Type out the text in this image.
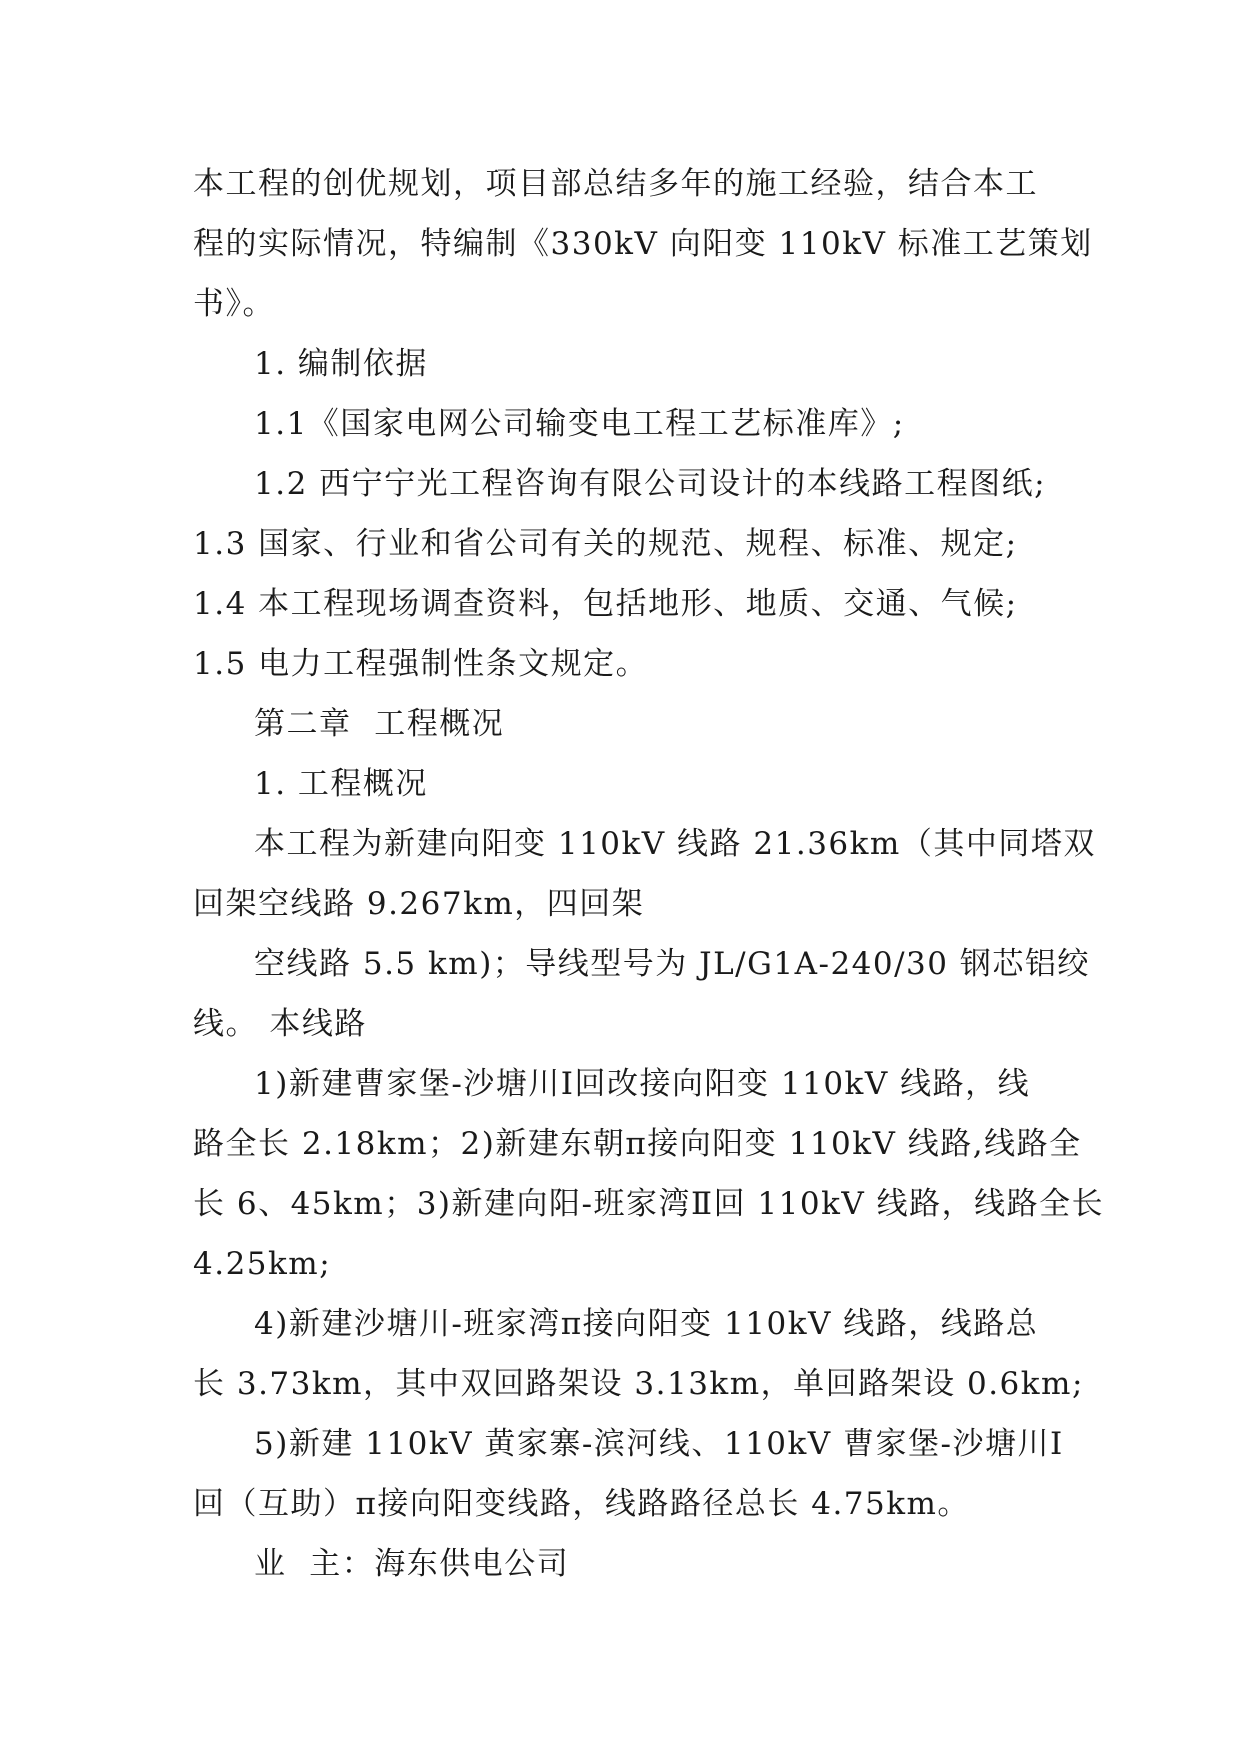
本工程的创优规划，项目部总结多年的施工经验，结合本工
程的实际情况，特编制《330kV 向阳变 110kV 标准工艺策划
书》。
1. 编制依据
1.1《国家电网公司输变电工程工艺标准库》;
1.2 西宁宁光工程咨询有限公司设计的本线路工程图纸;
1.3 国家、行业和省公司有关的规范、规程、标准、规定;
1.4 本工程现场调查资料，包括地形、地质、交通、气候;
1.5 电力工程强制性条文规定。
第二章  工程概况
1. 工程概况
本工程为新建向阳变 110kV 线路 21.36km（其中同塔双
回架空线路 9.267km，四回架
空线路 5.5 km)；导线型号为 JL/G1A-240/30 钢芯铝绞
线。 本线路
1)新建曹家堡-沙塘川Ⅰ回改接向阳变 110kV 线路，线
路全长 2.18km；2)新建东朝π接向阳变 110kV 线路,线路全
长 6、45km；3)新建向阳-班家湾Ⅱ回 110kV 线路，线路全长
4.25km;
4)新建沙塘川-班家湾π接向阳变 110kV 线路，线路总
长 3.73km，其中双回路架设 3.13km，单回路架设 0.6km;
5)新建 110kV 黄家寨-滨河线、110kV 曹家堡-沙塘川Ⅰ
回（互助）π接向阳变线路，线路路径总长 4.75km。
业  主：海东供电公司
